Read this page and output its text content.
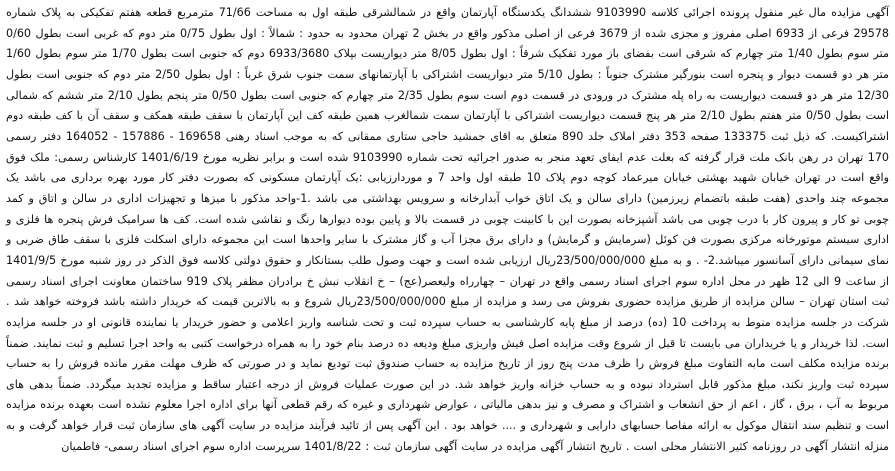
آگهی مزایده مال غیر منقول پرونده اجرائی کلاسه 9103990 ششدانگ یکدستگاه آپارتمان واقع در شمالشرقی طبقه اول به مساحت 71/66 مترمربع قطعه هفتم تفکیکی به پلاک شماره 29578 فرعی از 6933 اصلی مفروز و مجزی شده از 3679 فرعی از اصلی مذکور واقع در بخش 2 تهران محدود به حدود : شمالاً : اول بطول 0/75 متر دوم که غربی است بطول 0/60 متر سوم بطول 1/40 متر چهارم که شرقی است بفضای باز مورد تفکیک شرقاً : اول بطول 8/05 متر دیواریست بپلاک 6933/3680 دوم که جنوبی است بطول 1/70 متر سوم بطول 1/60 متر هر دو قسمت دیوار و پنجره است بنورگیر مشترک جنوباً : بطول 5/10 متر دیواریست اشتراکی با آپارتمانهای سمت جنوب شرق غرباً : اول بطول 2/50 متر دوم که جنوبی است بطول 12/30 متر هر دو قسمت دیواریست به راه پله مشترک در ورودی در قسمت دوم است سوم بطول 2/35 متر چهارم که جنوبی است بطول 0/50 متر پنجم بطول 2/10 متر ششم که شمالی است بطول 0/50 متر هفتم بطول 2/10 متر هر پنج قسمت دیواریست اشتراکی با آپارتمان سمت شمالغرب همین طبقه کف این آپارتمان با سقف طبقه همکف و سقف آن با کف طبقه دوم اشتراکیست. که ذیل ثبت 133375 صفحه 353 دفتر املاک جلد 890 متعلق به اقای جمشید حاجی ستاری ممقانی که به موجب اسناد رهنی 169658 - 157886 - 164052 دفتر رسمی 170 تهران در رهن بانک ملت قرار گرفته که بعلت عدم ایفای تعهد منجر به صدور اجرائیه تحت شماره 9103990 شده است و برابر نظریه مورخ 1401/6/19 کارشناس رسمی: ملک فوق واقع است در تهران خیابان شهید بهشتی خیابان میرعماد کوچه دوم پلاک 10 طبقه اول واحد 7 و موردارزیابی :یک آپارتمان مسکونی که بصورت دفتر کار مورد بهره برداری می باشد یک مجموعه چند واحدی (هفت طبقه باتضمام زیرزمین) دارای سالن و یک اتاق خواب آبدارخانه و سرویس بهداشتی می باشد .1-واحد مذکور با میزها و تجهیزات اداری در سالن و اتاق و کمد چوبی تو کار و پیرون کار با درب چوبی می باشد آشپزخانه بصورت این با کابینت چوبی در قسمت بالا و پایین بوده دیوارها رنگ و نقاشی شده است. کف ها سرامیک فرش پنجره ها فلزی و اداری سیستم موتورخانه مرکزی بصورت فن کوئل (سرمایش و گرمایش) و دارای برق مجزا آب و گاز مشترک با سایر واحدها است این مجموعه دارای اسکلت فلزی با سقف طاق ضربی و نمای سیمانی دارای آسانسور میباشد.2- . و به مبلغ 23/500/000/000ریال ارزیابی شده است و جهت وصول طلب بستانکار و حقوق دولتی کلاسه فوق الذکر در روز شنبه مورخ 1401/9/5 از ساعت 9 الی 12 ظهر در محل اداره سوم اجرای اسناد رسمی واقع در تهران – چهارراه ولیعصر(عج) – خ انقلاب نبش خ برادران مظفر پلاک 919 ساختمان معاونت اجرای اسناد رسمی ثبت استان تهران – سالن مزایده از طریق مزایده حضوری بفروش می رسد و مزایده از مبلغ 23/500/000/000ریال شروع و به بالاترین قیمت که خریدار داشته باشد فروخته خواهد شد . شرکت در جلسه مزایده منوط به پرداخت 10 (ده) درصد از مبلغ پایه کارشناسی به حساب سپرده ثبت و تحت شناسه واریز اعلامی و حضور خریدار یا نماینده قانونی او در جلسه مزایده است. لذا خریدار و یا خریداران می بایست تا قبل از شروع وقت مزایده اصل فیش واریزی مبلغ ودیعه ده درصد بنام خود را به همراه درخواست کتبی به واحد اجرا تسلیم و ثبت نمایند. ضمناً برنده مزایده مکلف است مابه التفاوت مبلغ فروش را ظرف مدت پنج روز از تاریخ مزایده به حساب صندوق ثبت تودیع نماید و در صورتی که ظرف مهلت مقرر مانده فروش را به حساب سپرده ثبت واریز نکند، مبلغ مذکور قابل استرداد نبوده و به حساب خزانه واریز خواهد شد. در این صورت عملیات فروش از درجه اعتبار ساقط و مزایده تجدید میگردد. ضمناً بدهی های مربوط به آب ، برق ، گاز ، اعم از حق انشعاب و اشتراک و مصرف و نیز بدهی مالیاتی ، عوارض شهرداری و غیره که رقم قطعی آنها برای اداره اجرا معلوم نشده است بعهده برنده مزایده است و تنظیم سند انتقال موکول به ارائه مفاصا حسابهای دارایی و شهرداری و .... خواهد بود . این آگهی پس از تائید فرآیند مزایده در سایت آگهی های سازمان ثبت قرار خواهد گرفت و به منزله انتشار آگهی در روزنامه کثیر الانتشار محلی است . تاریخ انتشار آگهی مزایده در سایت آگهی سازمان ثبت : 1401/8/22 سرپرست اداره سوم اجرای اسناد رسمی- فاطمیان
